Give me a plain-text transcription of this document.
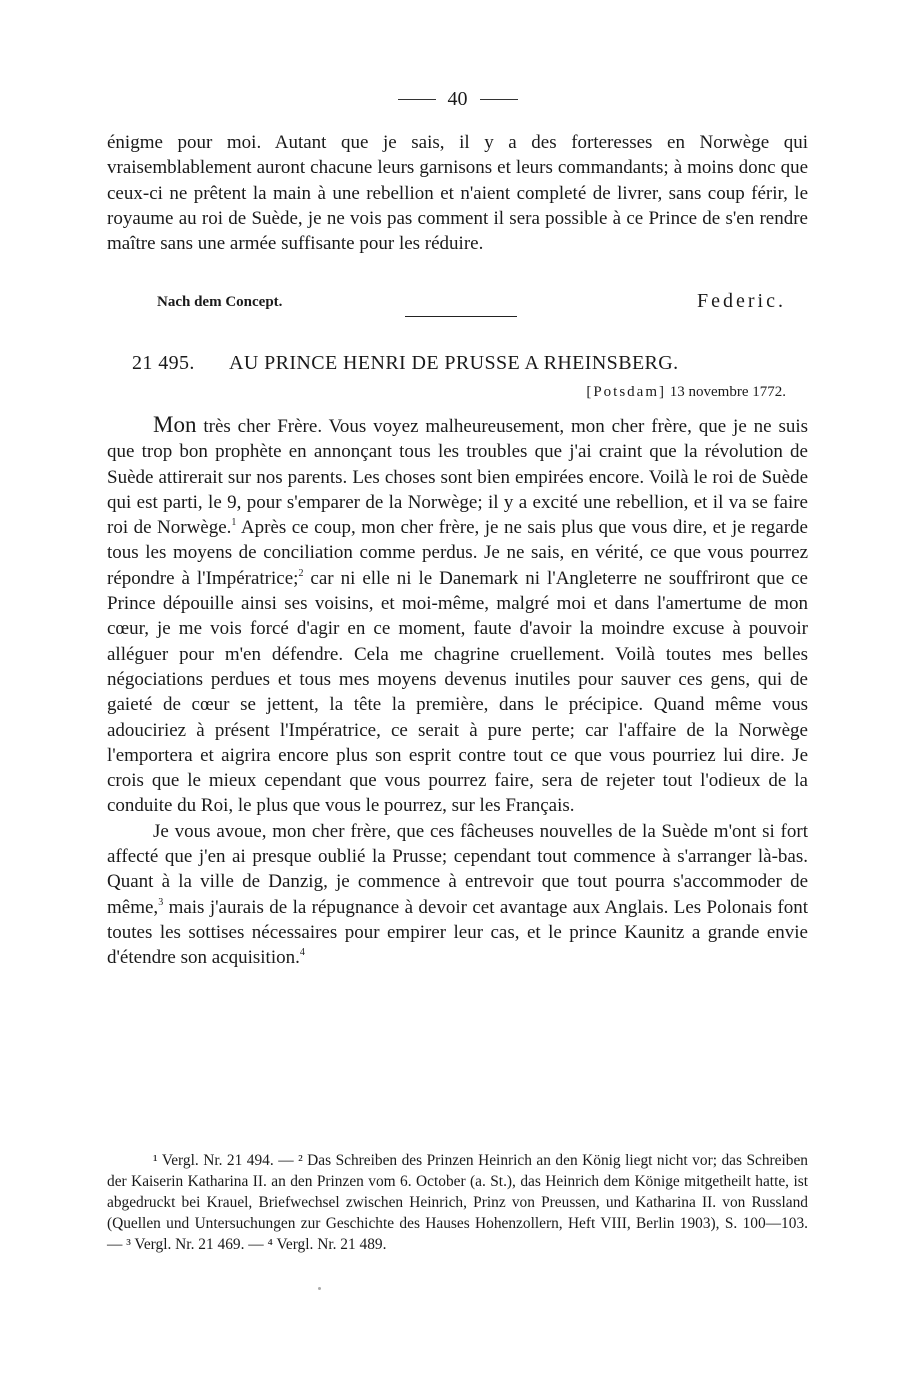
40

énigme pour moi. Autant que je sais, il y a des forteresses en Norwège qui vraisemblablement auront chacune leurs garnisons et leurs commandants; à moins donc que ceux-ci ne prêtent la main à une rebellion et n'aient completé de livrer, sans coup férir, le royaume au roi de Suède, je ne vois pas comment il sera possible à ce Prince de s'en rendre maître sans une armée suffisante pour les réduire.

Nach dem Concept.	Federic.
21 495. AU PRINCE HENRI DE PRUSSE A RHEINSBERG.
[Potsdam] 13 novembre 1772.

Mon très cher Frère. Vous voyez malheureusement, mon cher frère, que je ne suis que trop bon prophète en annonçant tous les troubles que j'ai craint que la révolution de Suède attirerait sur nos parents. Les choses sont bien empirées encore. Voilà le roi de Suède qui est parti, le 9, pour s'emparer de la Norwège; il y a excité une rebellion, et il va se faire roi de Norwège.$^1$ Après ce coup, mon cher frère, je ne sais plus que vous dire, et je regarde tous les moyens de conciliation comme perdus. Je ne sais, en vérité, ce que vous pourrez répondre à l'Impératrice;$^2$ car ni elle ni le Danemark ni l'Angleterre ne souffriront que ce Prince dépouille ainsi ses voisins, et moi-même, malgré moi et dans l'amertume de mon cœur, je me vois forcé d'agir en ce moment, faute d'avoir la moindre excuse à pouvoir alléguer pour m'en défendre. Cela me chagrine cruellement. Voilà toutes mes belles négociations perdues et tous mes moyens devenus inutiles pour sauver ces gens, qui de gaieté de cœur se jettent, la tête la première, dans le précipice. Quand même vous adouciriez à présent l'Impératrice, ce serait à pure perte; car l'affaire de la Norwège l'emportera et aigrira encore plus son esprit contre tout ce que vous pourriez lui dire. Je crois que le mieux cependant que vous pourrez faire, sera de rejeter tout l'odieux de la conduite du Roi, le plus que vous le pourrez, sur les Français.

Je vous avoue, mon cher frère, que ces fâcheuses nouvelles de la Suède m'ont si fort affecté que j'en ai presque oublié la Prusse; cependant tout commence à s'arranger là-bas. Quant à la ville de Danzig, je commence à entrevoir que tout pourra s'accommoder de même,$^3$ mais j'aurais de la répugnance à devoir cet avantage aux Anglais. Les Polonais font toutes les sottises nécessaires pour empirer leur cas, et le prince Kaunitz a grande envie d'étendre son acquisition.$^4$

¹ Vergl. Nr. 21 494. — ² Das Schreiben des Prinzen Heinrich an den König liegt nicht vor; das Schreiben der Kaiserin Katharina II. an den Prinzen vom 6. October (a. St.), das Heinrich dem Könige mitgetheilt hatte, ist abgedruckt bei Krauel, Briefwechsel zwischen Heinrich, Prinz von Preussen, und Katharina II. von Russland (Quellen und Untersuchungen zur Geschichte des Hauses Hohenzollern, Heft VIII, Berlin 1903), S. 100—103. — ³ Vergl. Nr. 21 469. — ⁴ Vergl. Nr. 21 489.
